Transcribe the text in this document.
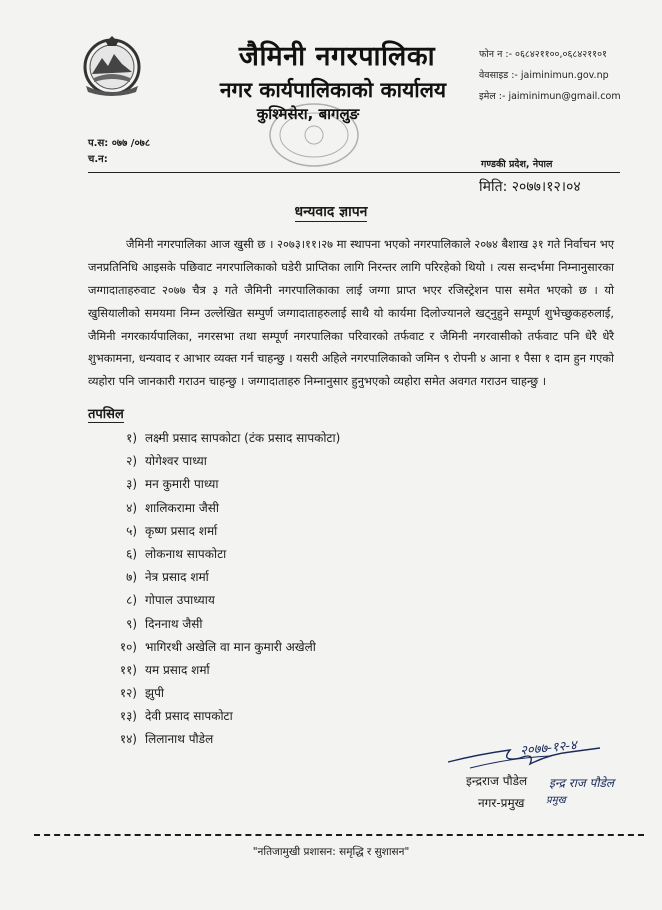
जैमिनी नगरपालिका
नगर कार्यपालिकाको कार्यालय
कुश्मिसेरा, बागलुङ
फोन न :- ०६८४२११००,०६८४२११०१
वेवसाइड :- jaiminimun.gov.np
इमेल :- jaiminimun@gmail.com
प.स: ०७७ /०७८
च.न:	गण्डकी प्रदेश, नेपाल
मिति: २०७७।१२।०४
धन्यवाद ज्ञापन

जैमिनी नगरपालिका आज खुसी छ । २०७३।११।२७ मा स्थापना भएको नगरपालिकाले २०७४ बैशाख ३१ गते निर्वाचन भए जनप्रतिनिधि आइसके पछिवाट नगरपालिकाको घडेरी प्राप्तिका लागि निरन्तर लागि परिरहेको थियो । त्यस सन्दर्भमा निम्नानुसारका जग्गादाताहरुवाट २०७७ चैत्र ३ गते जैमिनी नगरपालिकाका लाई जग्गा प्राप्त भएर रजिस्ट्रेशन पास समेत भएको छ । यो खुसियालीको समयमा निम्न उल्लेखित सम्पुर्ण जग्गादाताहरुलाई साथै यो कार्यमा दिलोज्यानले खट्नुहुने सम्पूर्ण शुभेच्छुकहरुलाई, जैमिनी नगरकार्यपालिका, नगरसभा तथा सम्पूर्ण नगरपालिका परिवारको तर्फवाट र जैमिनी नगरवासीको तर्फवाट पनि धेरै धेरै शुभकामना, धन्यवाद र आभार व्यक्त गर्न चाहन्छु । यसरी अहिले नगरपालिकाको जमिन ९ रोपनी ४ आना १ पैसा १ दाम हुन गएको व्यहोरा पनि जानकारी गराउन चाहन्छु । जग्गादाताहरु निम्नानुसार हुनुभएको व्यहोरा समेत अवगत गराउन चाहन्छु ।

तपसिल
१) लक्ष्मी प्रसाद सापकोटा (टंक प्रसाद सापकोटा)
२) योगेश्वर पाध्या
३) मन कुमारी पाध्या
४) शालिकरामा जैसी
५) कृष्ण प्रसाद शर्मा
६) लोकनाथ सापकोटा
७) नेत्र प्रसाद शर्मा
८) गोपाल उपाध्याय
९) दिननाथ जैसी
१०) भागिरथी अखेलि वा मान कुमारी अखेली
११) यम प्रसाद शर्मा
१२) झुपी
१३) देवी प्रसाद सापकोटा
१४) लिलानाथ पौडेल	२०७७-१२-४
इन्द्रराज पौडेल इन्द्र राज पौडेल
नगर-प्रमुख प्रमुख
"नतिजामुखी प्रशासन: समृद्धि र सुशासन"
